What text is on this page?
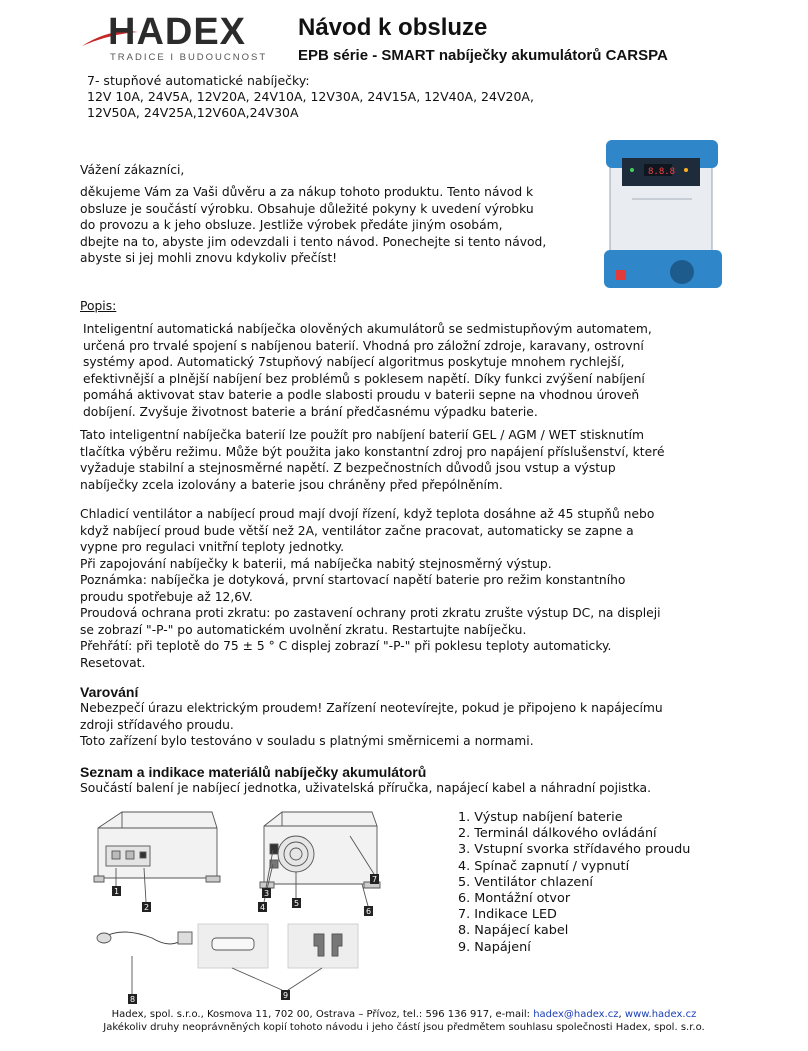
HADEX
TRADICE I BUDOUCNOST
Návod k obsluze
EPB série - SMART nabíječky akumulátorů CARSPA
7- stupňové automatické nabíječky:
12V 10A, 24V5A, 12V20A, 24V10A, 12V30A, 24V15A, 12V40A, 24V20A,
12V50A, 24V25A,12V60A,24V30A
8.8.8
Vážení zákazníci,
děkujeme Vám za Vaši důvěru a za nákup tohoto produktu. Tento návod k
obsluze je součástí výrobku. Obsahuje důležité pokyny k uvedení výrobku
do provozu a k jeho obsluze. Jestliže výrobek předáte jiným osobám,
dbejte na to, abyste jim odevzdali i tento návod. Ponechejte si tento návod,
abyste si jej mohli znovu kdykoliv přečíst!
Popis:
Inteligentní automatická nabíječka olověných akumulátorů se sedmistupňovým automatem,
určená pro trvalé spojení s nabíjenou baterií. Vhodná pro záložní zdroje, karavany, ostrovní
systémy apod. Automatický 7stupňový nabíjecí algoritmus poskytuje mnohem rychlejší,
efektivnější a plnější nabíjení bez problémů s poklesem napětí. Díky funkci zvýšení nabíjení
pomáhá aktivovat stav baterie a podle slabosti proudu v baterii sepne na vhodnou úroveň
dobíjení. Zvyšuje životnost baterie a brání předčasnému výpadku baterie.
Tato inteligentní nabíječka baterií lze použít pro nabíjení baterií GEL / AGM / WET stisknutím
tlačítka výběru režimu. Může být použita jako konstantní zdroj pro napájení příslušenství, které
vyžaduje stabilní a stejnosměrné napětí. Z bezpečnostních důvodů jsou vstup a výstup
nabíječky zcela izolovány a baterie jsou chráněny před přepólněním.
Chladicí ventilátor a nabíjecí proud mají dvojí řízení, když teplota dosáhne až 45 stupňů nebo
když nabíjecí proud bude větší než 2A, ventilátor začne pracovat, automaticky se zapne a
vypne pro regulaci vnitřní teploty jednotky.
Při zapojování nabíječky k baterii, má nabíječka nabitý stejnosměrný výstup.
Poznámka: nabíječka je dotyková, první startovací napětí baterie pro režim konstantního
proudu spotřebuje až 12,6V.
Proudová ochrana proti zkratu: po zastavení ochrany proti zkratu zrušte výstup DC, na displeji
se zobrazí "-P-" po automatickém uvolnění zkratu. Restartujte nabíječku.
Přehřátí: při teplotě do 75 ± 5 ° C displej zobrazí "-P-" při poklesu teploty automaticky.
Resetovat.
Varování
Nebezpečí úrazu elektrickým proudem! Zařízení neotevírejte, pokud je připojeno k napájecímu
zdroji střídavého proudu.
Toto zařízení bylo testováno v souladu s platnými směrnicemi a normami.
Seznam a indikace materiálů nabíječky akumulátorů
Součástí balení je nabíjecí jednotka, uživatelská příručka, napájecí kabel a náhradní pojistka.
1
2
3
4	5
6
7
8	9
1. Výstup nabíjení baterie
2. Terminál dálkového ovládání
3. Vstupní svorka střídavého proudu
4. Spínač zapnutí / vypnutí
5. Ventilátor chlazení
6. Montážní otvor
7. Indikace LED
8. Napájecí kabel
9. Napájení
Hadex, spol. s.r.o., Kosmova 11, 702 00, Ostrava – Přívoz, tel.: 596 136 917, e-mail: hadex@hadex.cz, www.hadex.cz
Jakékoliv druhy neoprávněných kopií tohoto návodu i jeho částí jsou předmětem souhlasu společnosti Hadex, spol. s.r.o.
